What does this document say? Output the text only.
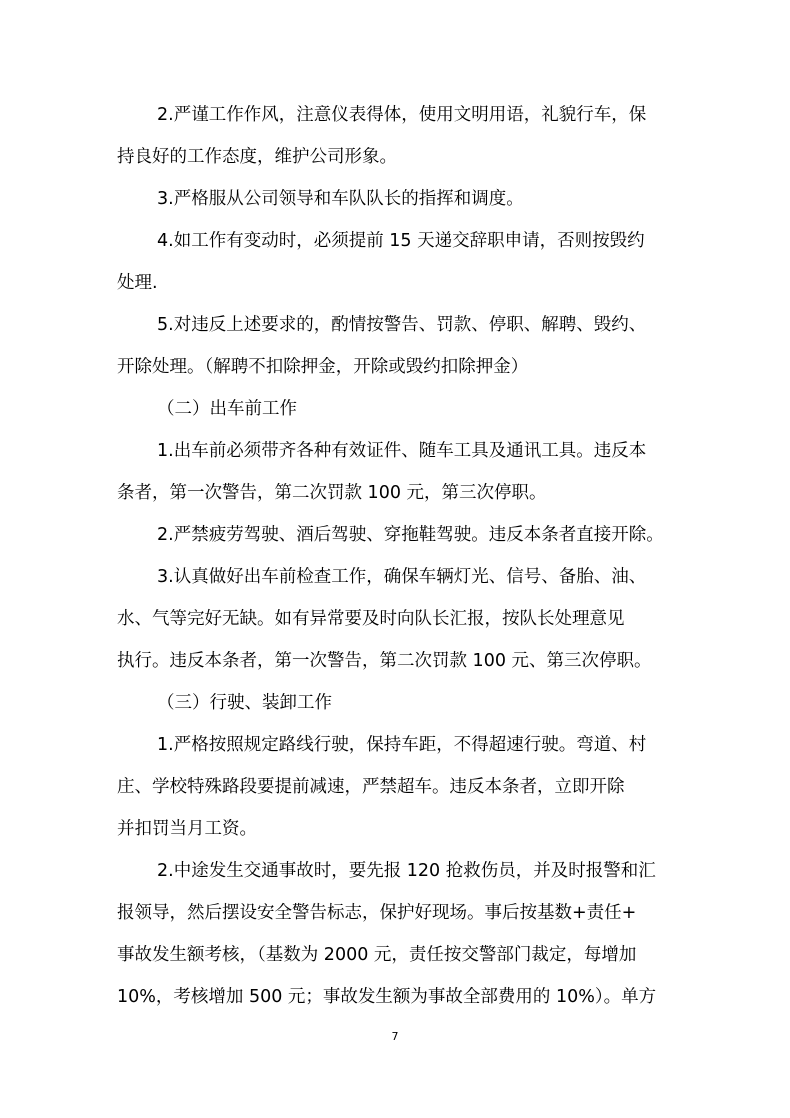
2.严谨工作作风，注意仪表得体，使用文明用语，礼貌行车，保
持良好的工作态度，维护公司形象。
3.严格服从公司领导和车队队长的指挥和调度。
4.如工作有变动时，必须提前 15 天递交辞职申请，否则按毁约
处理.
5.对违反上述要求的，酌情按警告、罚款、停职、解聘、毁约、
开除处理。（解聘不扣除押金，开除或毁约扣除押金）
（二）出车前工作
1.出车前必须带齐各种有效证件、随车工具及通讯工具。违反本
条者，第一次警告，第二次罚款 100 元，第三次停职。
2.严禁疲劳驾驶、酒后驾驶、穿拖鞋驾驶。违反本条者直接开除。
3.认真做好出车前检查工作，确保车辆灯光、信号、备胎、油、
水、气等完好无缺。如有异常要及时向队长汇报，按队长处理意见
执行。违反本条者，第一次警告，第二次罚款 100 元、第三次停职。
（三）行驶、装卸工作
1.严格按照规定路线行驶，保持车距，不得超速行驶。弯道、村
庄、学校特殊路段要提前减速，严禁超车。违反本条者，立即开除
并扣罚当月工资。
2.中途发生交通事故时，要先报 120 抢救伤员，并及时报警和汇
报领导，然后摆设安全警告标志，保护好现场。事后按基数+责任+
事故发生额考核，（基数为 2000 元，责任按交警部门裁定，每增加
10%，考核增加 500 元；事故发生额为事故全部费用的 10%）。单方
7
